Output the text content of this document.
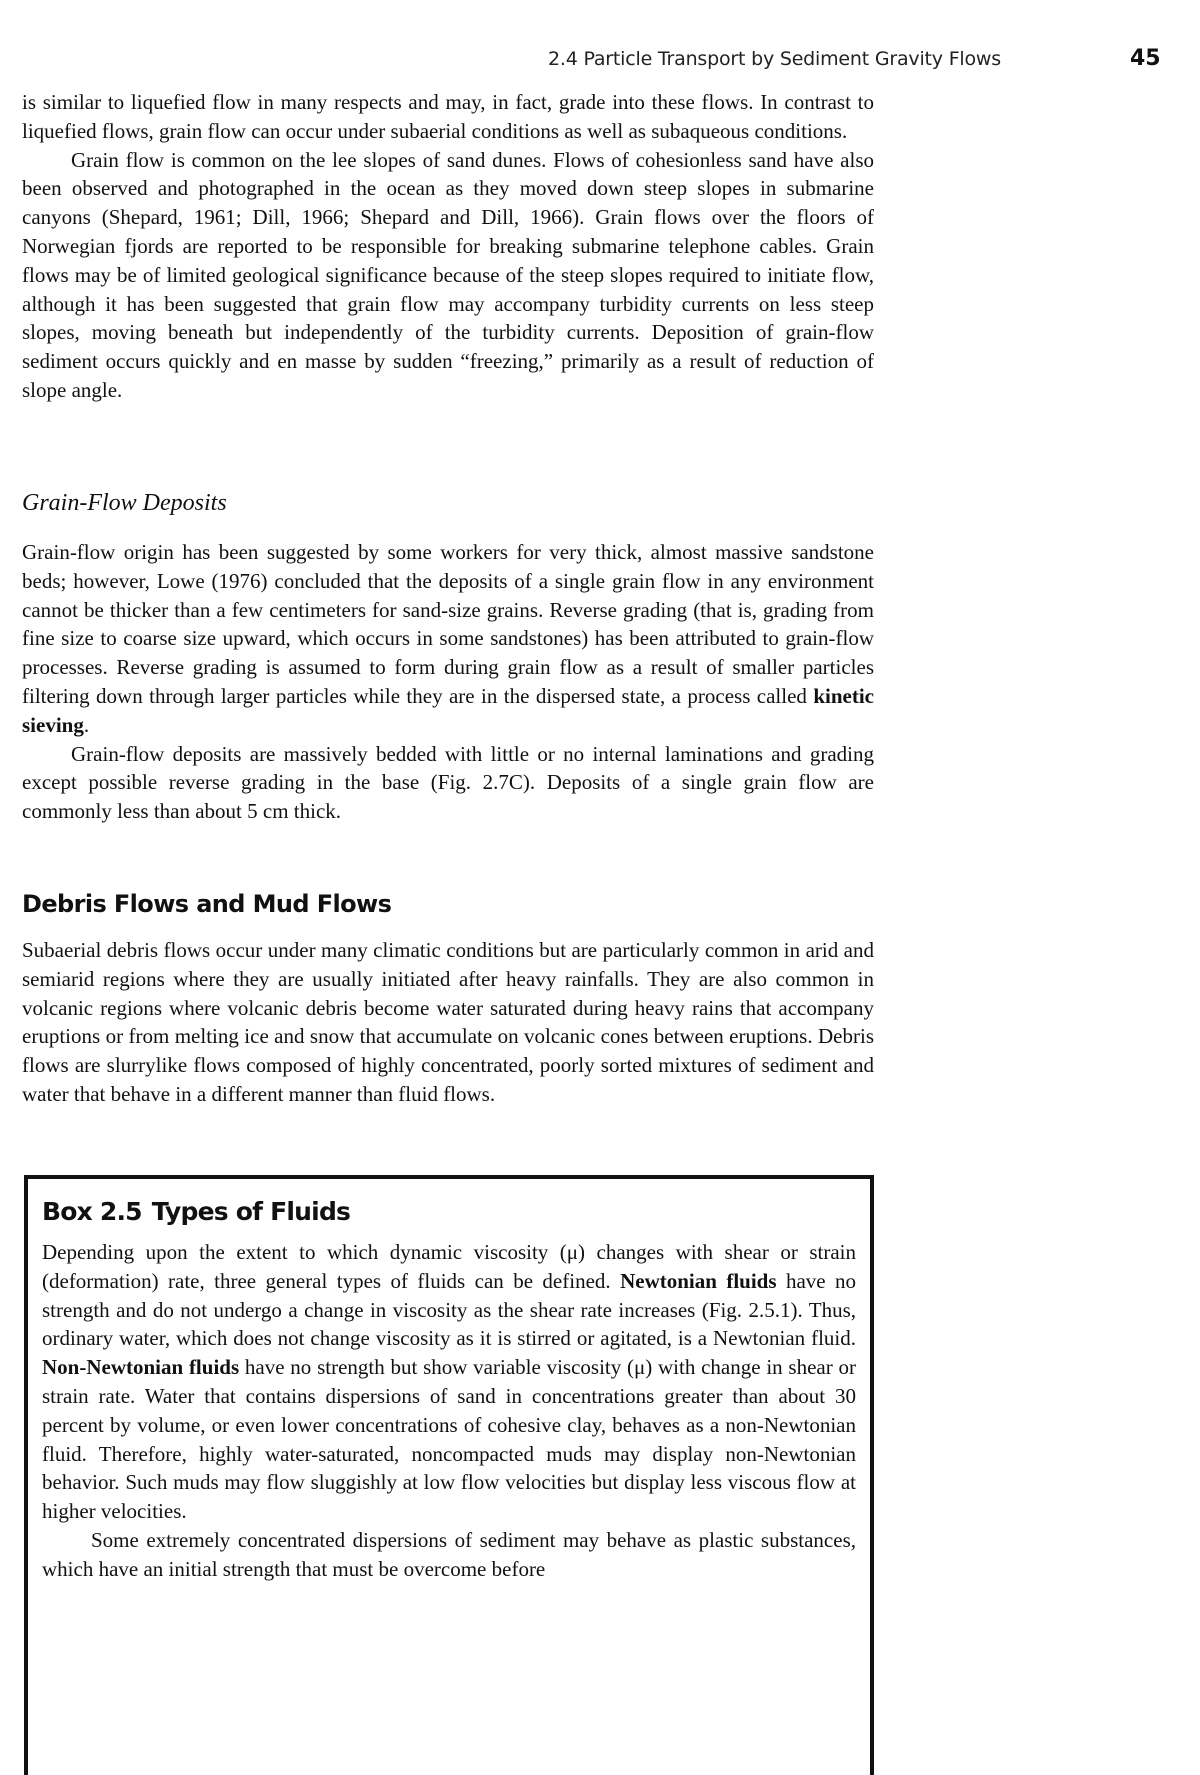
2.4 Particle Transport by Sediment Gravity Flows	45

is similar to liquefied flow in many respects and may, in fact, grade into these flows. In contrast to liquefied flows, grain flow can occur under subaerial conditions as well as subaqueous conditions.

Grain flow is common on the lee slopes of sand dunes. Flows of cohesionless sand have also been observed and photographed in the ocean as they moved down steep slopes in submarine canyons (Shepard, 1961; Dill, 1966; Shepard and Dill, 1966). Grain flows over the floors of Norwegian fjords are reported to be responsible for breaking submarine telephone cables. Grain flows may be of limited geological significance because of the steep slopes required to initiate flow, although it has been suggested that grain flow may accompany turbidity currents on less steep slopes, moving beneath but independently of the turbidity currents. Deposition of grain-flow sediment occurs quickly and en masse by sudden “freezing,” primarily as a result of reduction of slope angle.

Grain-Flow Deposits

Grain-flow origin has been suggested by some workers for very thick, almost massive sandstone beds; however, Lowe (1976) concluded that the deposits of a single grain flow in any environment cannot be thicker than a few centimeters for sand-size grains. Reverse grading (that is, grading from fine size to coarse size upward, which occurs in some sandstones) has been attributed to grain-flow processes. Reverse grading is assumed to form during grain flow as a result of smaller particles filtering down through larger particles while they are in the dispersed state, a process called kinetic sieving.

Grain-flow deposits are massively bedded with little or no internal laminations and grading except possible reverse grading in the base (Fig. 2.7C). Deposits of a single grain flow are commonly less than about 5 cm thick.

Debris Flows and Mud Flows

Subaerial debris flows occur under many climatic conditions but are particularly common in arid and semiarid regions where they are usually initiated after heavy rainfalls. They are also common in volcanic regions where volcanic debris become water saturated during heavy rains that accompany eruptions or from melting ice and snow that accumulate on volcanic cones between eruptions. Debris flows are slurrylike flows composed of highly concentrated, poorly sorted mixtures of sediment and water that behave in a different manner than fluid flows.

Box 2.5 Types of Fluids

Depending upon the extent to which dynamic viscosity (μ) changes with shear or strain (deformation) rate, three general types of fluids can be defined. Newtonian fluids have no strength and do not undergo a change in viscosity as the shear rate increases (Fig. 2.5.1). Thus, ordinary water, which does not change viscosity as it is stirred or agitated, is a Newtonian fluid. Non-Newtonian fluids have no strength but show variable viscosity (μ) with change in shear or strain rate. Water that contains dispersions of sand in concentrations greater than about 30 percent by volume, or even lower concentrations of cohesive clay, behaves as a non-Newtonian fluid. Therefore, highly water-saturated, noncompacted muds may display non-Newtonian behavior. Such muds may flow sluggishly at low flow velocities but display less viscous flow at higher velocities.

Some extremely concentrated dispersions of sediment may behave as plastic substances, which have an initial strength that must be overcome before
